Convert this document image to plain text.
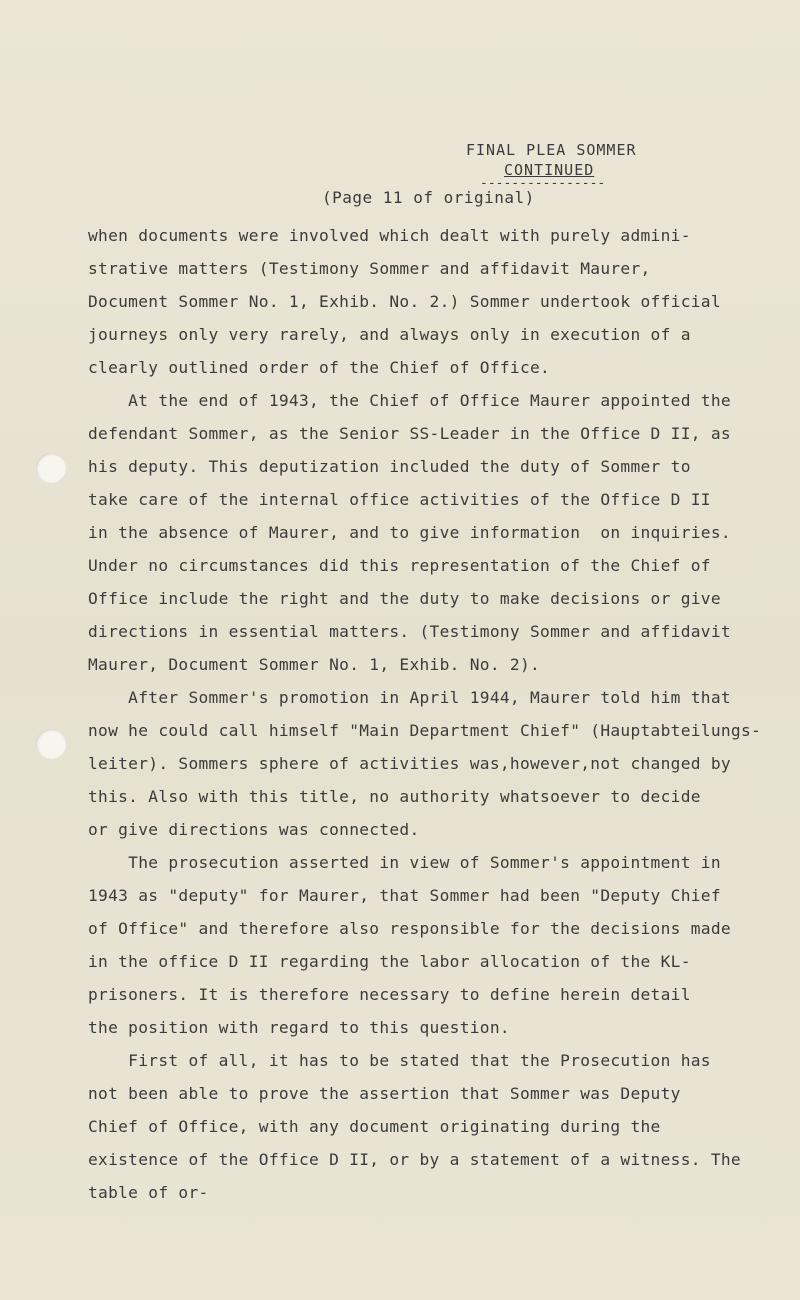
FINAL PLEA SOMMER
CONTINUED
----------------
(Page 11 of original)
when documents were involved which dealt with purely admini-
strative matters (Testimony Sommer and affidavit Maurer,
Document Sommer No. 1, Exhib. No. 2.) Sommer undertook official
journeys only very rarely, and always only in execution of a
clearly outlined order of the Chief of Office.
At the end of 1943, the Chief of Office Maurer appointed the
defendant Sommer, as the Senior SS-Leader in the Office D II, as
his deputy. This deputization included the duty of Sommer to
take care of the internal office activities of the Office D II
in the absence of Maurer, and to give information  on inquiries.
Under no circumstances did this representation of the Chief of
Office include the right and the duty to make decisions or give
directions in essential matters. (Testimony Sommer and affidavit
Maurer, Document Sommer No. 1, Exhib. No. 2).
After Sommer's promotion in April 1944, Maurer told him that
now he could call himself "Main Department Chief" (Hauptabteilungs-
leiter). Sommers sphere of activities was,however,not changed by
this. Also with this title, no authority whatsoever to decide
or give directions was connected.
The prosecution asserted in view of Sommer's appointment in
1943 as "deputy" for Maurer, that Sommer had been "Deputy Chief
of Office" and therefore also responsible for the decisions made
in the office D II regarding the labor allocation of the KL-
prisoners. It is therefore necessary to define herein detail
the position with regard to this question.
First of all, it has to be stated that the Prosecution has
not been able to prove the assertion that Sommer was Deputy
Chief of Office, with any document originating during the
existence of the Office D II, or by a statement of a witness. The
table of or-
